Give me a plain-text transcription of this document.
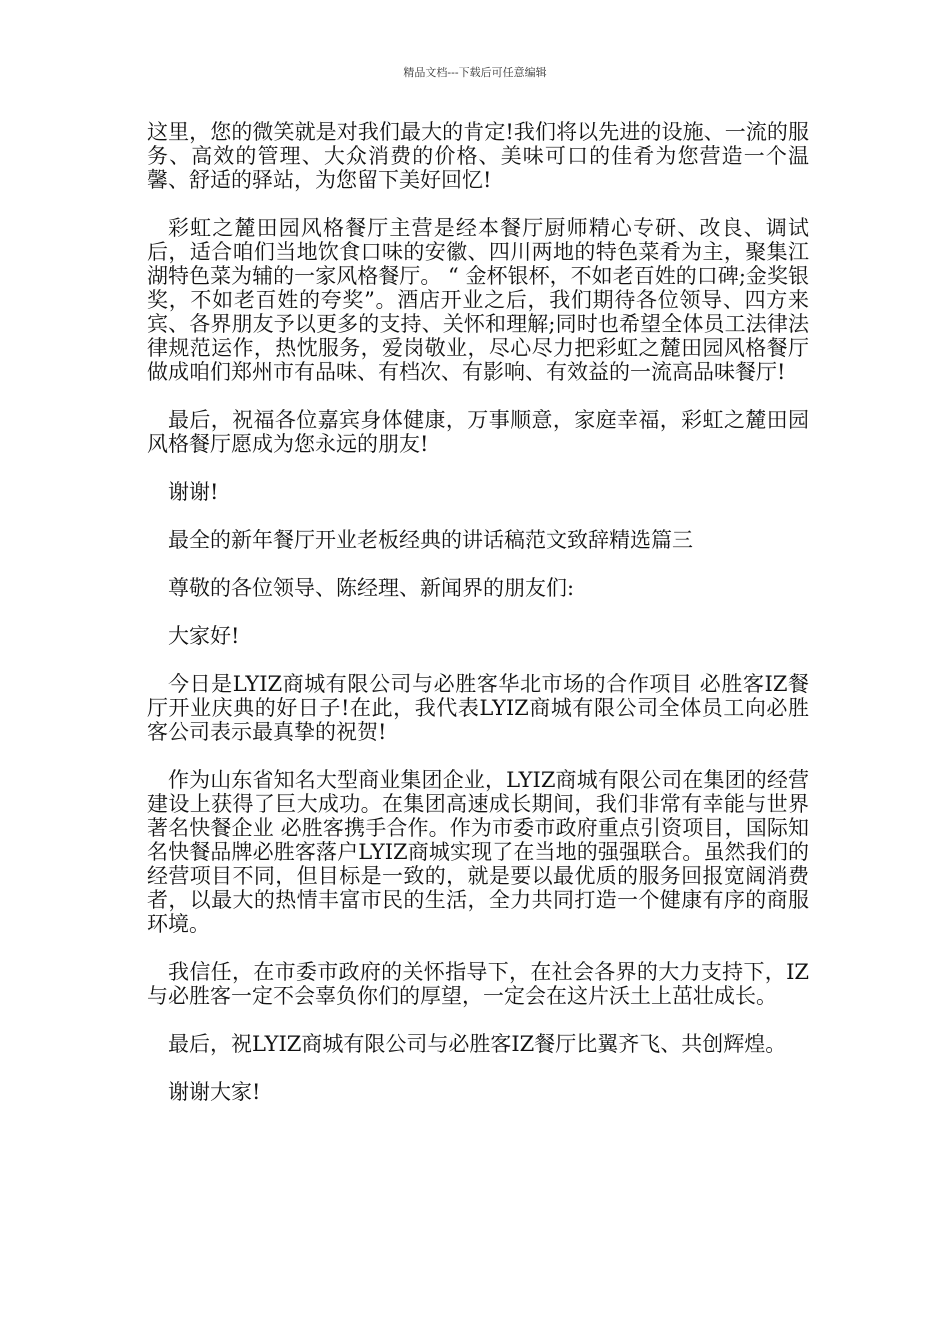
精品文档---下载后可任意编辑

这里，您的微笑就是对我们最大的肯定!我们将以先进的设施、一流的服务、高效的管理、大众消费的价格、美味可口的佳肴为您营造一个温馨、舒适的驿站，为您留下美好回忆!

彩虹之麓田园风格餐厅主营是经本餐厅厨师精心专研、改良、调试后，适合咱们当地饮食口味的安徽、四川两地的特色菜肴为主，聚集江湖特色菜为辅的一家风格餐厅。 “ 金杯银杯，不如老百姓的口碑;金奖银奖，不如老百姓的夸奖”。酒店开业之后，我们期待各位领导、四方来宾、各界朋友予以更多的支持、关怀和理解;同时也希望全体员工法律法律规范运作，热忱服务，爱岗敬业，尽心尽力把彩虹之麓田园风格餐厅做成咱们郑州市有品味、有档次、有影响、有效益的一流高品味餐厅!

最后，祝福各位嘉宾身体健康，万事顺意，家庭幸福，彩虹之麓田园风格餐厅愿成为您永远的朋友!

谢谢!

最全的新年餐厅开业老板经典的讲话稿范文致辞精选篇三

尊敬的各位领导、陈经理、新闻界的朋友们:

大家好!

今日是LYIZ商城有限公司与必胜客华北市场的合作项目 必胜客IZ餐厅开业庆典的好日子!在此，我代表LYIZ商城有限公司全体员工向必胜客公司表示最真挚的祝贺!

作为山东省知名大型商业集团企业，LYIZ商城有限公司在集团的经营建设上获得了巨大成功。在集团高速成长期间，我们非常有幸能与世界著名快餐企业 必胜客携手合作。作为市委市政府重点引资项目，国际知名快餐品牌必胜客落户LYIZ商城实现了在当地的强强联合。虽然我们的经营项目不同，但目标是一致的，就是要以最优质的服务回报宽阔消费者，以最大的热情丰富市民的生活，全力共同打造一个健康有序的商服环境。

我信任，在市委市政府的关怀指导下，在社会各界的大力支持下，IZ与必胜客一定不会辜负你们的厚望，一定会在这片沃土上茁壮成长。

最后，祝LYIZ商城有限公司与必胜客IZ餐厅比翼齐飞、共创辉煌。

谢谢大家!
